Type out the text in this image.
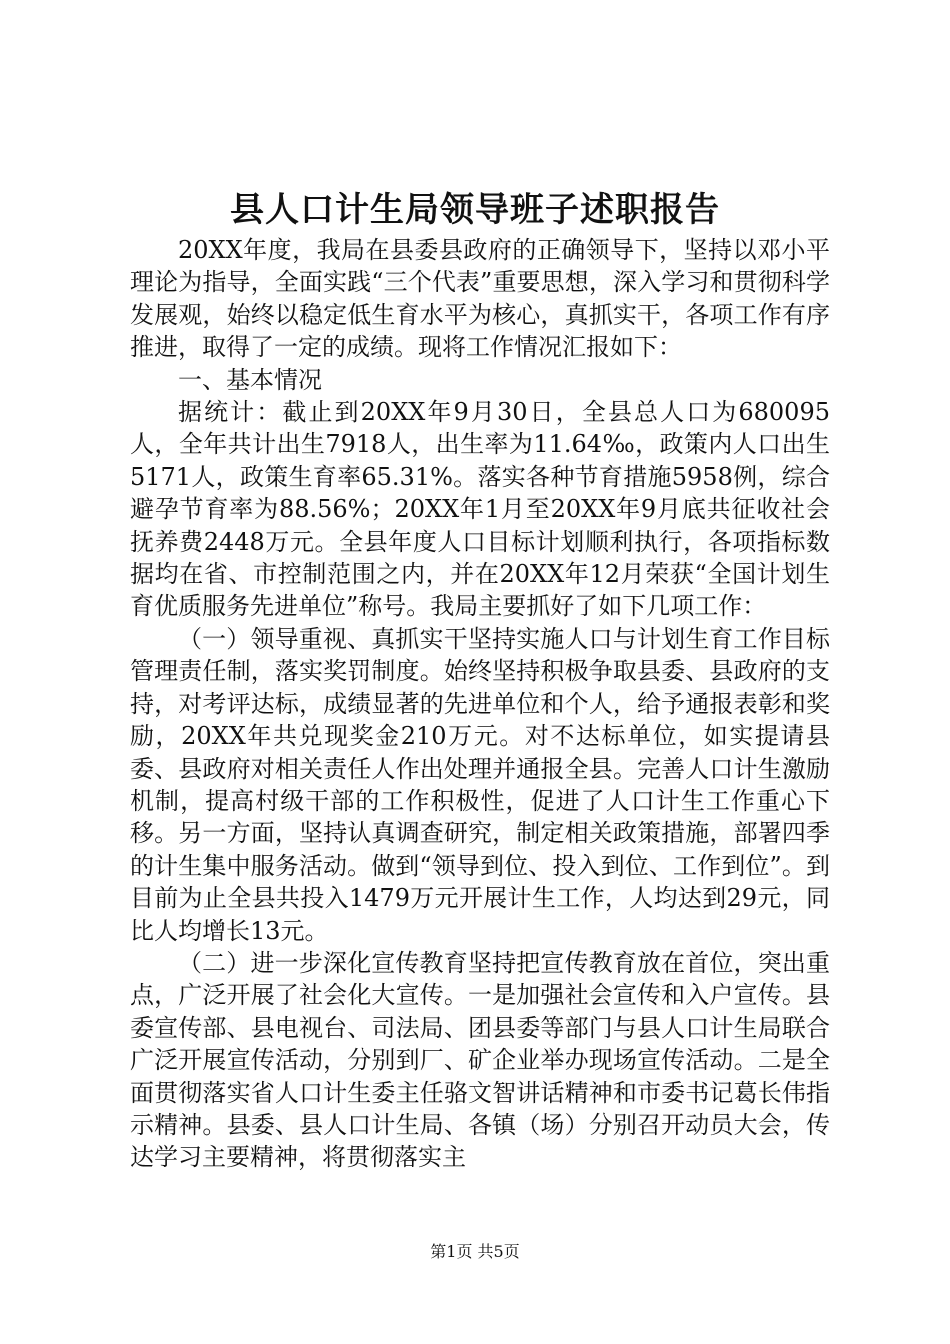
县人口计生局领导班子述职报告

20XX年度，我局在县委县政府的正确领导下，坚持以邓小平理论为指导，全面实践“三个代表”重要思想，深入学习和贯彻科学发展观，始终以稳定低生育水平为核心，真抓实干，各项工作有序推进，取得了一定的成绩。现将工作情况汇报如下：

一、基本情况

据统计：截止到20XX年9月30日，全县总人口为680095人，全年共计出生7918人，出生率为11.64‰，政策内人口出生5171人，政策生育率65.31%。落实各种节育措施5958例，综合避孕节育率为88.56%；20XX年1月至20XX年9月底共征收社会抚养费2448万元。全县年度人口目标计划顺利执行，各项指标数据均在省、市控制范围之内，并在20XX年12月荣获“全国计划生育优质服务先进单位”称号。我局主要抓好了如下几项工作：

（一）领导重视、真抓实干坚持实施人口与计划生育工作目标管理责任制，落实奖罚制度。始终坚持积极争取县委、县政府的支持，对考评达标，成绩显著的先进单位和个人，给予通报表彰和奖励，20XX年共兑现奖金210万元。对不达标单位，如实提请县委、县政府对相关责任人作出处理并通报全县。完善人口计生激励机制，提高村级干部的工作积极性，促进了人口计生工作重心下移。另一方面，坚持认真调查研究，制定相关政策措施，部署四季的计生集中服务活动。做到“领导到位、投入到位、工作到位”。到目前为止全县共投入1479万元开展计生工作，人均达到29元，同比人均增长13元。

（二）进一步深化宣传教育坚持把宣传教育放在首位，突出重点，广泛开展了社会化大宣传。一是加强社会宣传和入户宣传。县委宣传部、县电视台、司法局、团县委等部门与县人口计生局联合广泛开展宣传活动，分别到厂、矿企业举办现场宣传活动。二是全面贯彻落实省人口计生委主任骆文智讲话精神和市委书记葛长伟指示精神。县委、县人口计生局、各镇（场）分别召开动员大会，传达学习主要精神，将贯彻落实主

第1页 共5页
